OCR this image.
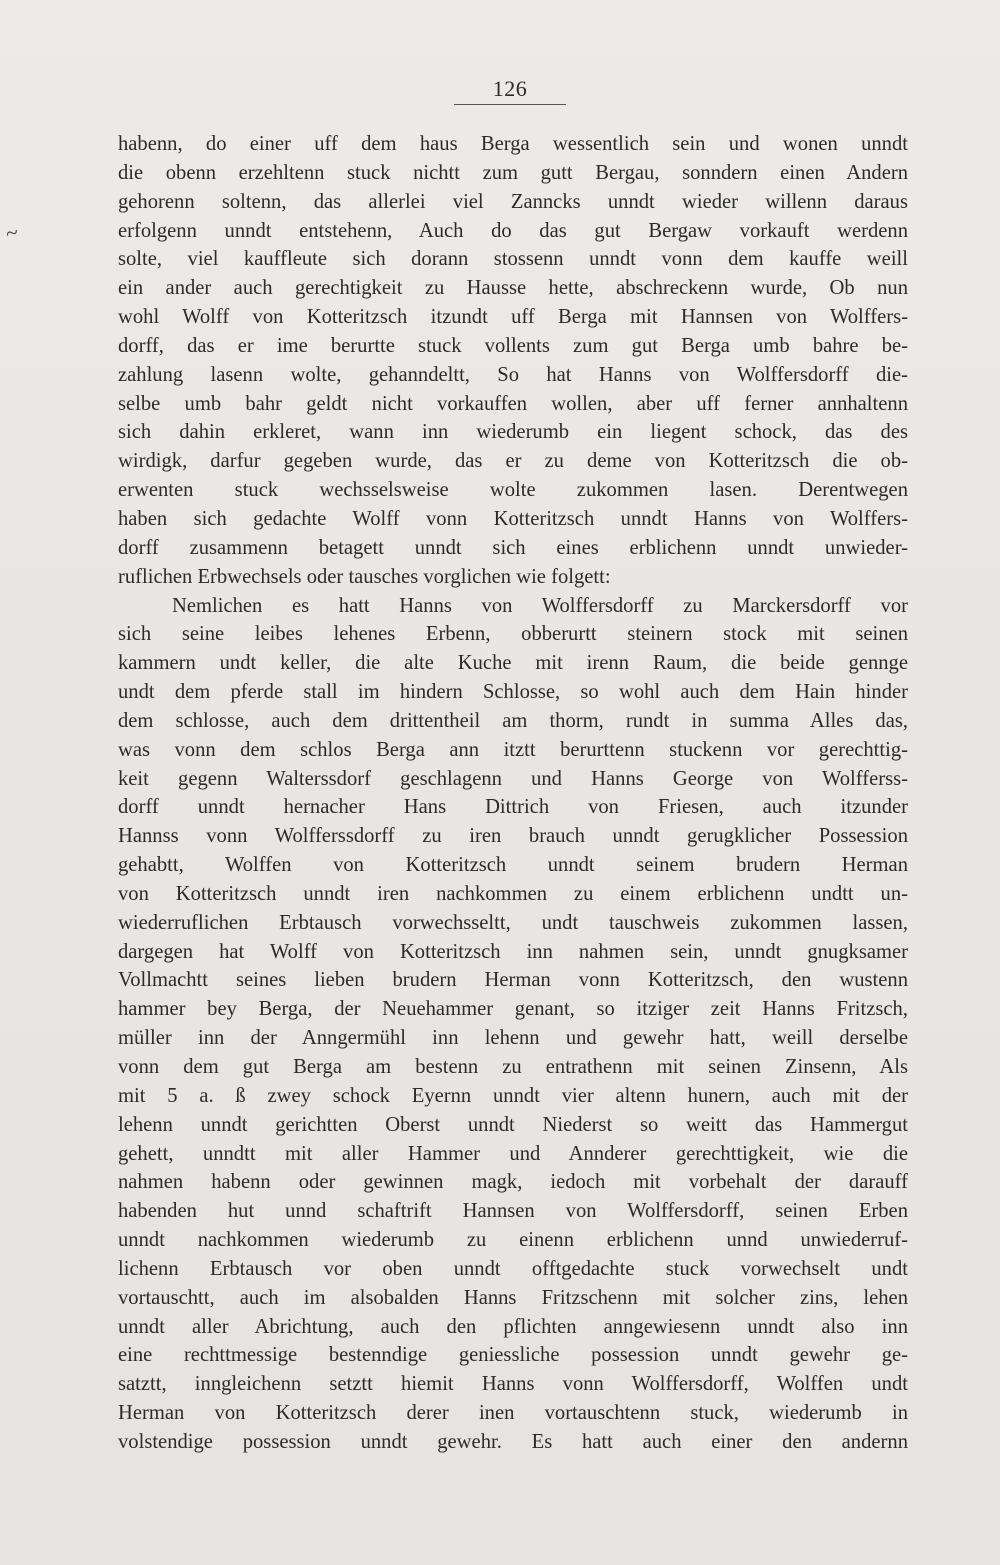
126
~
habenn, do einer uff dem haus Berga wessentlich sein und wonen unndt
die obenn erzehltenn stuck nichtt zum gutt Bergau, sonndern einen Andern
gehorenn soltenn, das allerlei viel Zanncks unndt wieder willenn daraus
erfolgenn unndt entstehenn, Auch do das gut Bergaw vorkauft werdenn
solte, viel kauffleute sich dorann stossenn unndt vonn dem kauffe weill
ein ander auch gerechtigkeit zu Hausse hette, abschreckenn wurde, Ob nun
wohl Wolff von Kotteritzsch itzundt uff Berga mit Hannsen von Wolffers-
dorff, das er ime berurtte stuck vollents zum gut Berga umb bahre be-
zahlung lasenn wolte, gehanndeltt, So hat Hanns von Wolffersdorff die-
selbe umb bahr geldt nicht vorkauffen wollen, aber uff ferner annhaltenn
sich dahin erkleret, wann inn wiederumb ein liegent schock, das des
wirdigk, darfur gegeben wurde, das er zu deme von Kotteritzsch die ob-
erwenten stuck wechsselsweise wolte zukommen lasen. Derentwegen
haben sich gedachte Wolff vonn Kotteritzsch unndt Hanns von Wolffers-
dorff zusammenn betagett unndt sich eines erblichenn unndt unwieder-
ruflichen Erbwechsels oder tausches vorglichen wie folgett:
Nemlichen es hatt Hanns von Wolffersdorff zu Marckersdorff vor
sich seine leibes lehenes Erbenn, obberurtt steinern stock mit seinen
kammern undt keller, die alte Kuche mit irenn Raum, die beide gennge
undt dem pferde stall im hindern Schlosse, so wohl auch dem Hain hinder
dem schlosse, auch dem drittentheil am thorm, rundt in summa Alles das,
was vonn dem schlos Berga ann itztt berurttenn stuckenn vor gerechttig-
keit gegenn Walterssdorf geschlagenn und Hanns George von Wolfferss-
dorff unndt hernacher Hans Dittrich von Friesen, auch itzunder
Hannss vonn Wolfferssdorff zu iren brauch unndt gerugklicher Possession
gehabtt, Wolffen von Kotteritzsch unndt seinem brudern Herman
von Kotteritzsch unndt iren nachkommen zu einem erblichenn undtt un-
wiederruflichen Erbtausch vorwechsseltt, undt tauschweis zukommen lassen,
dargegen hat Wolff von Kotteritzsch inn nahmen sein, unndt gnugksamer
Vollmachtt seines lieben brudern Herman vonn Kotteritzsch, den wustenn
hammer bey Berga, der Neuehammer genant, so itziger zeit Hanns Fritzsch,
müller inn der Anngermühl inn lehenn und gewehr hatt, weill derselbe
vonn dem gut Berga am bestenn zu entrathenn mit seinen Zinsenn, Als
mit 5 a. ß zwey schock Eyernn unndt vier altenn hunern, auch mit der
lehenn unndt gerichtten Oberst unndt Niederst so weitt das Hammergut
gehett, unndtt mit aller Hammer und Annderer gerechttigkeit, wie die
nahmen habenn oder gewinnen magk, iedoch mit vorbehalt der darauff
habenden hut unnd schaftrift Hannsen von Wolffersdorff, seinen Erben
unndt nachkommen wiederumb zu einenn erblichenn unnd unwiederruf-
lichenn Erbtausch vor oben unndt offtgedachte stuck vorwechselt undt
vortauschtt, auch im alsobalden Hanns Fritzschenn mit solcher zins, lehen
unndt aller Abrichtung, auch den pflichten anngewiesenn unndt also inn
eine rechttmessige bestenndige geniessliche possession unndt gewehr ge-
satztt, inngleichenn setztt hiemit Hanns vonn Wolffersdorff, Wolffen undt
Herman von Kotteritzsch derer inen vortauschtenn stuck, wiederumb in
volstendige possession unndt gewehr. Es hatt auch einer den andernn
